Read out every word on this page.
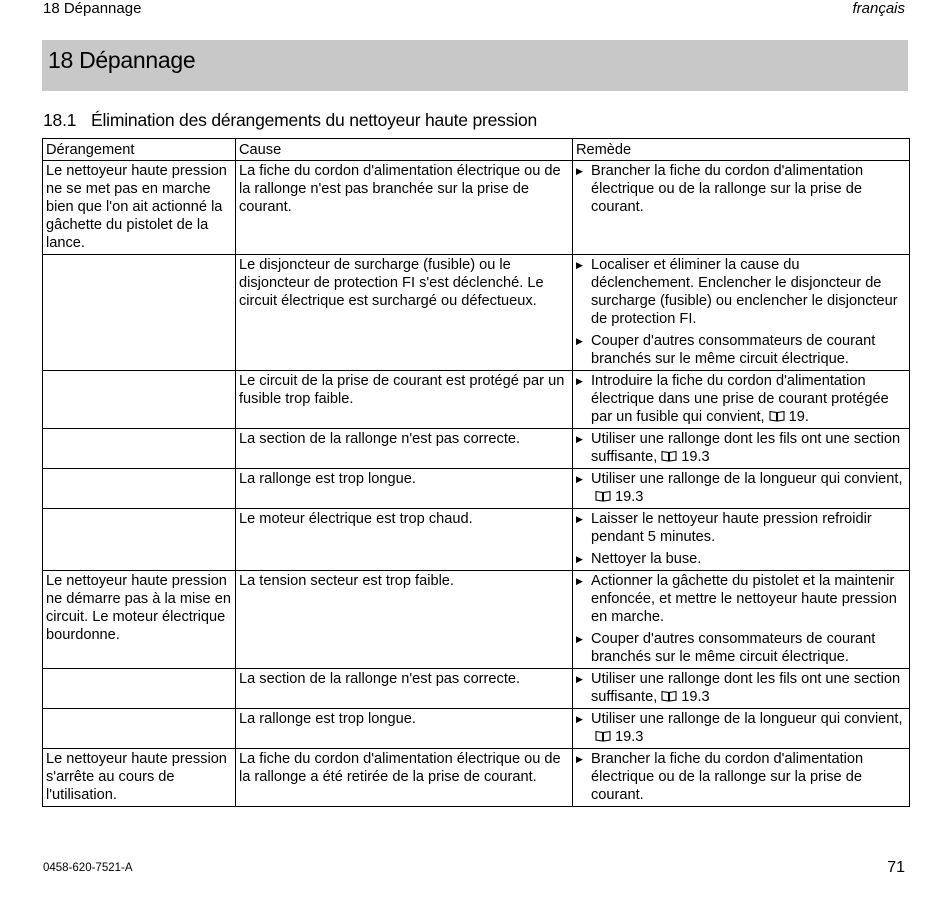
18 Dépannage	français
18 Dépannage
18.1 Élimination des dérangements du nettoyeur haute pression
Dérangement	Cause	Remède
Le nettoyeur haute pression ne se met pas en marche bien que l'on ait actionné la gâchette du pistolet de la lance.	La fiche du cordon d'alimentation électrique ou de la rallonge n'est pas branchée sur la prise de courant.	▶ Brancher la fiche du cordon d'alimentation électrique ou de la rallonge sur la prise de courant.

	Le disjoncteur de surcharge (fusible) ou le disjoncteur de protection FI s'est déclenché. Le circuit électrique est surchargé ou défectueux.	▶ Localiser et éliminer la cause du déclenchement. Enclencher le disjoncteur de surcharge (fusible) ou enclencher le disjoncteur de protection FI.
▶ Couper d'autres consommateurs de courant branchés sur le même circuit électrique.

	Le circuit de la prise de courant est protégé par un fusible trop faible.	▶ Introduire la fiche du cordon d'alimentation électrique dans une prise de courant protégée par un fusible qui convient, 19.

	La section de la rallonge n'est pas correcte.	▶ Utiliser une rallonge dont les fils ont une section suffisante, 19.3

	La rallonge est trop longue.	▶ Utiliser une rallonge de la longueur qui convient,19.3

	Le moteur électrique est trop chaud.	▶ Laisser le nettoyeur haute pression refroidir pendant 5 minutes.
▶ Nettoyer la buse.

Le nettoyeur haute pression ne démarre pas à la mise en circuit. Le moteur électrique bourdonne.	La tension secteur est trop faible.	▶ Actionner la gâchette du pistolet et la maintenir enfoncée, et mettre le nettoyeur haute pression en marche.
▶ Couper d'autres consommateurs de courant branchés sur le même circuit électrique.

	La section de la rallonge n'est pas correcte.	▶ Utiliser une rallonge dont les fils ont une section suffisante, 19.3

	La rallonge est trop longue.	▶ Utiliser une rallonge de la longueur qui convient,19.3

Le nettoyeur haute pression s'arrête au cours de l'utilisation.	La fiche du cordon d'alimentation électrique ou de la rallonge a été retirée de la prise de courant.	▶ Brancher la fiche du cordon d'alimentation électrique ou de la rallonge sur la prise de courant.
0458-620-7521-A	71
